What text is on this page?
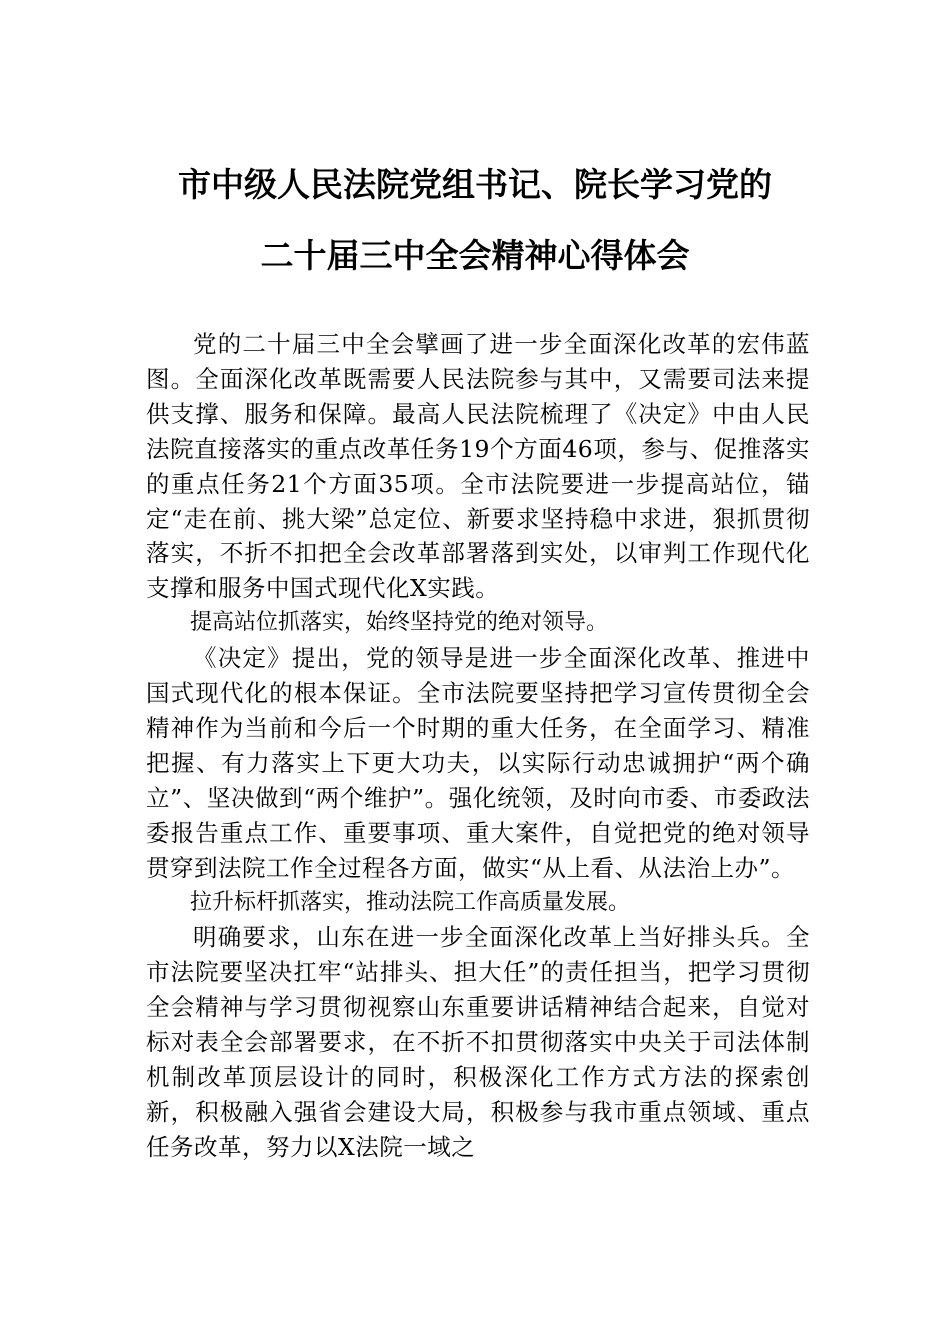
市中级人民法院党组书记、院长学习党的
二十届三中全会精神心得体会

党的二十届三中全会擘画了进一步全面深化改革的宏伟蓝图。全面深化改革既需要人民法院参与其中，又需要司法来提供支撑、服务和保障。最高人民法院梳理了《决定》中由人民法院直接落实的重点改革任务19个方面46项，参与、促推落实的重点任务21个方面35项。全市法院要进一步提高站位，锚定“走在前、挑大梁”总定位、新要求坚持稳中求进，狠抓贯彻落实，不折不扣把全会改革部署落到实处，以审判工作现代化支撑和服务中国式现代化X实践。

提高站位抓落实，始终坚持党的绝对领导。

《决定》提出，党的领导是进一步全面深化改革、推进中国式现代化的根本保证。全市法院要坚持把学习宣传贯彻全会精神作为当前和今后一个时期的重大任务，在全面学习、精准把握、有力落实上下更大功夫，以实际行动忠诚拥护“两个确立”、坚决做到“两个维护”。强化统领，及时向市委、市委政法委报告重点工作、重要事项、重大案件，自觉把党的绝对领导贯穿到法院工作全过程各方面，做实“从上看、从法治上办”。

拉升标杆抓落实，推动法院工作高质量发展。

明确要求，山东在进一步全面深化改革上当好排头兵。全市法院要坚决扛牢“站排头、担大任”的责任担当，把学习贯彻全会精神与学习贯彻视察山东重要讲话精神结合起来，自觉对标对表全会部署要求，在不折不扣贯彻落实中央关于司法体制机制改革顶层设计的同时，积极深化工作方式方法的探索创新，积极融入强省会建设大局，积极参与我市重点领域、重点任务改革，努力以X法院一域之
